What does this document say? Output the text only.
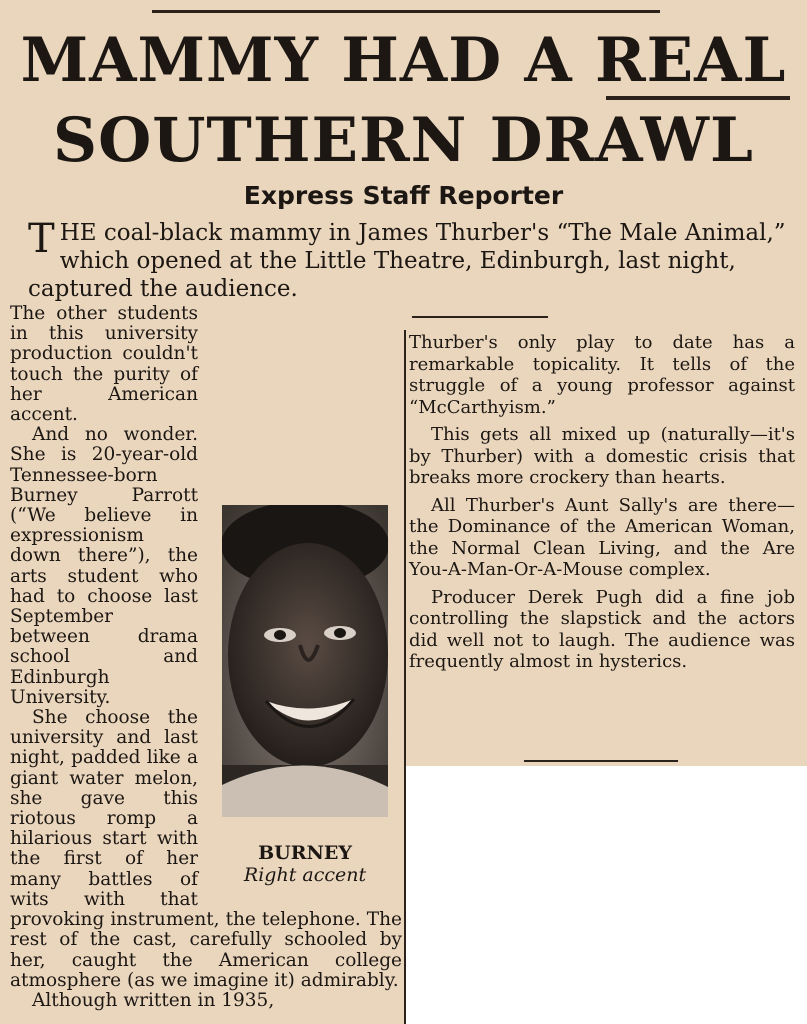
MAMMY HAD A REAL
SOUTHERN DRAWL
Express Staff Reporter
THE coal-black mammy in James Thurber's “The Male Animal,” which opened at the Little Theatre, Edinburgh, last night, captured the audience.

The other students in this university production couldn't touch the purity of her American accent.

And no wonder. She is 20-year-old Tennessee-born Burney Parrott (“We believe in expressionism down there”), the arts student who had to choose last September between drama school and Edinburgh University.

She choose the university and last night, padded like a giant water melon, she gave this riotous romp a hilarious start with the first of her many battles of wits with that provoking instrument, the telephone. The rest of the cast, carefully schooled by her, caught the American college atmosphere (as we imagine it) admirably.

Although written in 1935,

Thurber's only play to date has a remarkable topicality. It tells of the struggle of a young professor against “McCarthyism.”

This gets all mixed up (naturally—it's by Thurber) with a domestic crisis that breaks more crockery than hearts.

All Thurber's Aunt Sally's are there—the Dominance of the American Woman, the Normal Clean Living, and the Are You-A-Man-Or-A-Mouse complex.

Producer Derek Pugh did a fine job controlling the slapstick and the actors did well not to laugh. The audience was frequently almost in hysterics.

BURNEY
Right accent
